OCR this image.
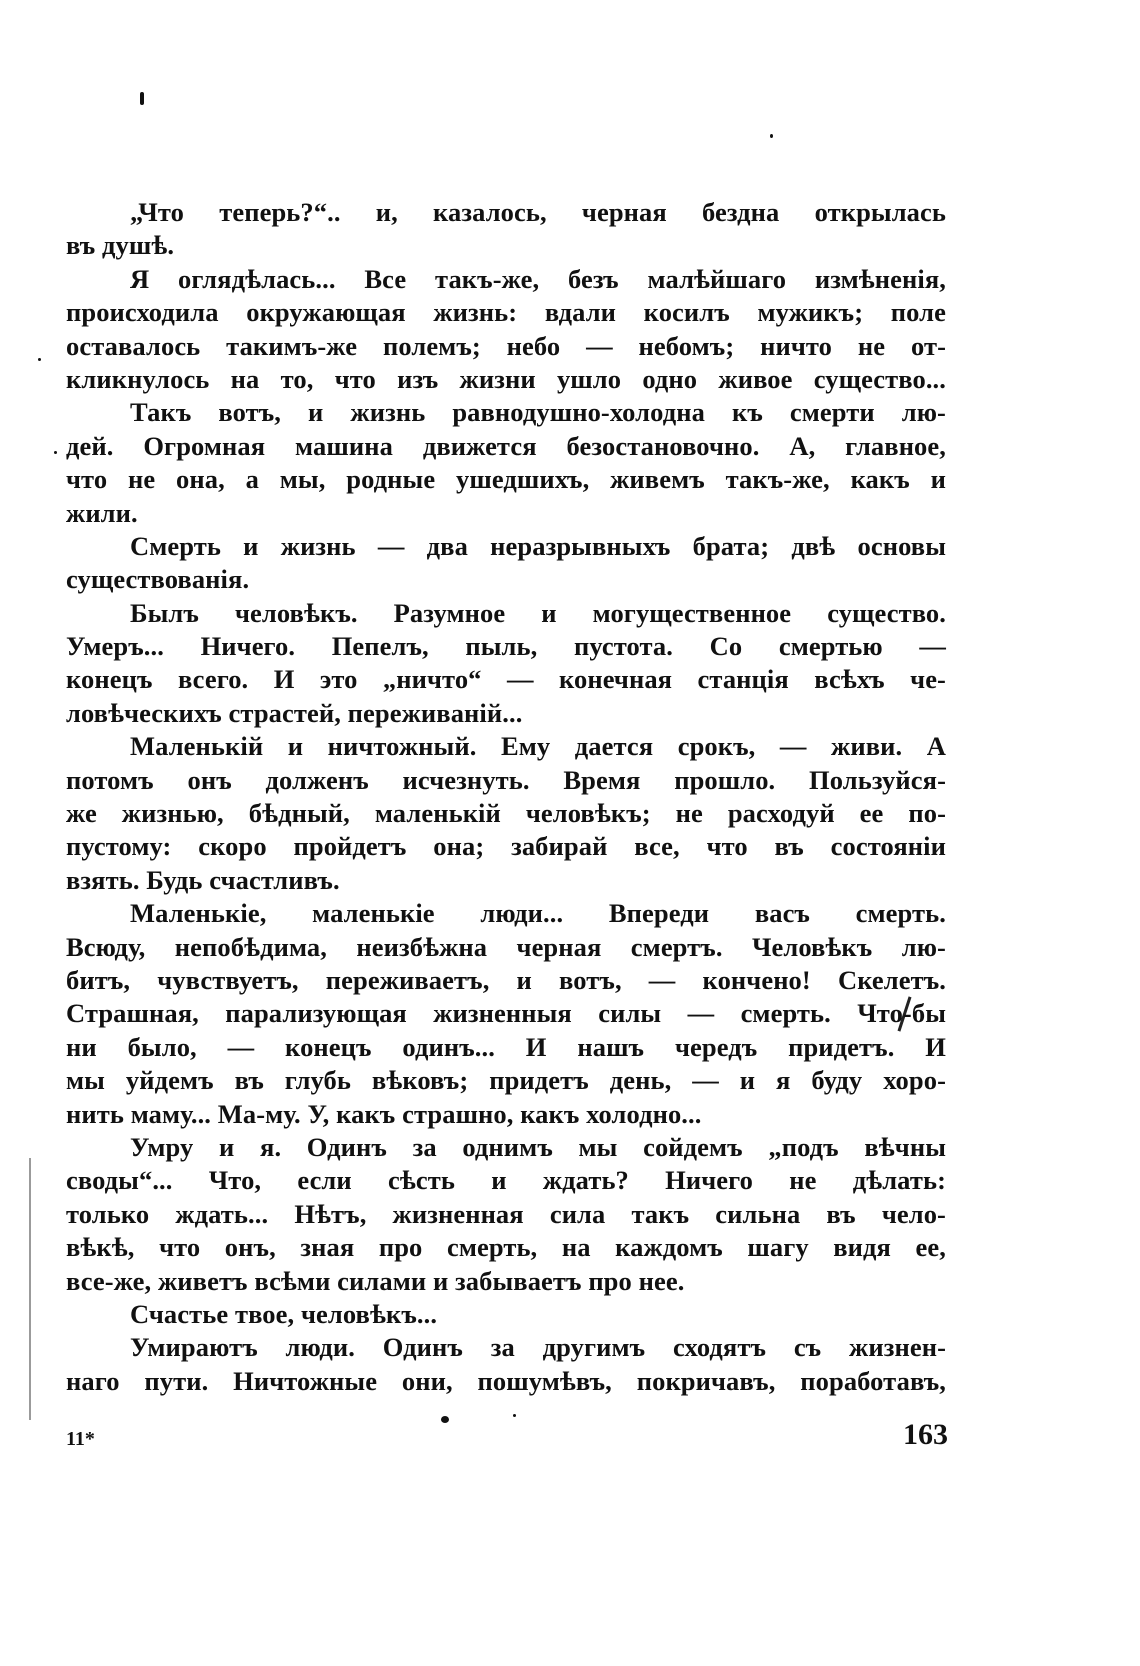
„Что теперь?“.. и, казалось, черная бездна открылась
въ душѣ.
Я оглядѣлась... Все такъ-же, безъ малѣйшаго измѣненія,
происходила окружающая жизнь: вдали косилъ мужикъ; поле
оставалось такимъ-же полемъ; небо — небомъ; ничто не от-
кликнулось на то, что изъ жизни ушло одно живое существо...
Такъ вотъ, и жизнь равнодушно-холодна къ смерти лю-
дей. Огромная машина движется безостановочно. А, главное,
что не она, а мы, родные ушедшихъ, живемъ такъ-же, какъ и
жили.
Смерть и жизнь — два неразрывныхъ брата; двѣ основы
существованія.
Былъ человѣкъ. Разумное и могущественное существо.
Умеръ... Ничего. Пепелъ, пыль, пустота. Со смертью —
конецъ всего. И это „ничто“ — конечная станція всѣхъ че-
ловѣческихъ страстей, переживаній...
Маленькій и ничтожный. Ему дается срокъ, — живи. А
потомъ онъ долженъ исчезнуть. Время прошло. Пользуйся-
же жизнью, бѣдный, маленькій человѣкъ; не расходуй ее по-
пустому: скоро пройдетъ она; забирай все, что въ состояніи
взять. Будь счастливъ.
Маленькіе, маленькіе люди... Впереди васъ смерть.
Всюду, непобѣдима, неизбѣжна черная смертъ. Человѣкъ лю-
битъ, чувствуетъ, переживаетъ, и вотъ, — кончено! Скелетъ.
Страшная, парализующая жизненныя силы — смерть. Что-бы
ни было, — конецъ одинъ... И нашъ чередъ придетъ. И
мы уйдемъ въ глубь вѣковъ; придетъ день, — и я буду хоро-
нить маму... Ма-му. У, какъ страшно, какъ холодно...
Умру и я. Одинъ за однимъ мы сойдемъ „подъ вѣчны
своды“... Что, если сѣсть и ждать? Ничего не дѣлать:
только ждать... Нѣтъ, жизненная сила такъ сильна въ чело-
вѣкѣ, что онъ, зная про смерть, на каждомъ шагу видя ее,
все-же, живетъ всѣми силами и забываетъ про нее.
Счастье твое, человѣкъ...
Умираютъ люди. Одинъ за другимъ сходятъ съ жизнен-
наго пути. Ничтожные они, пошумѣвъ, покричавъ, поработавъ,
11*	163
